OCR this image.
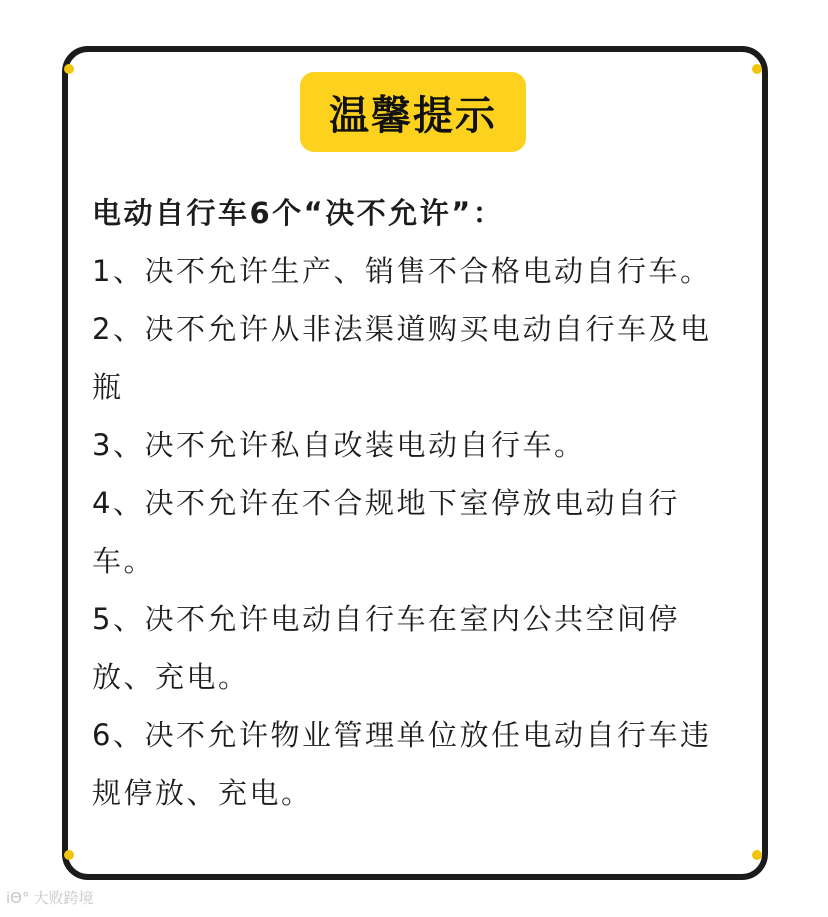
温馨提示

电动自行车6个“决不允许”：

1、决不允许生产、销售不合格电动自行车。

2、决不允许从非法渠道购买电动自行车及电瓶

3、决不允许私自改装电动自行车。

4、决不允许在不合规地下室停放电动自行车。

5、决不允许电动自行车在室内公共空间停放、充电。

6、决不允许物业管理单位放任电动自行车违规停放、充电。

iΘ° 大败跨境
